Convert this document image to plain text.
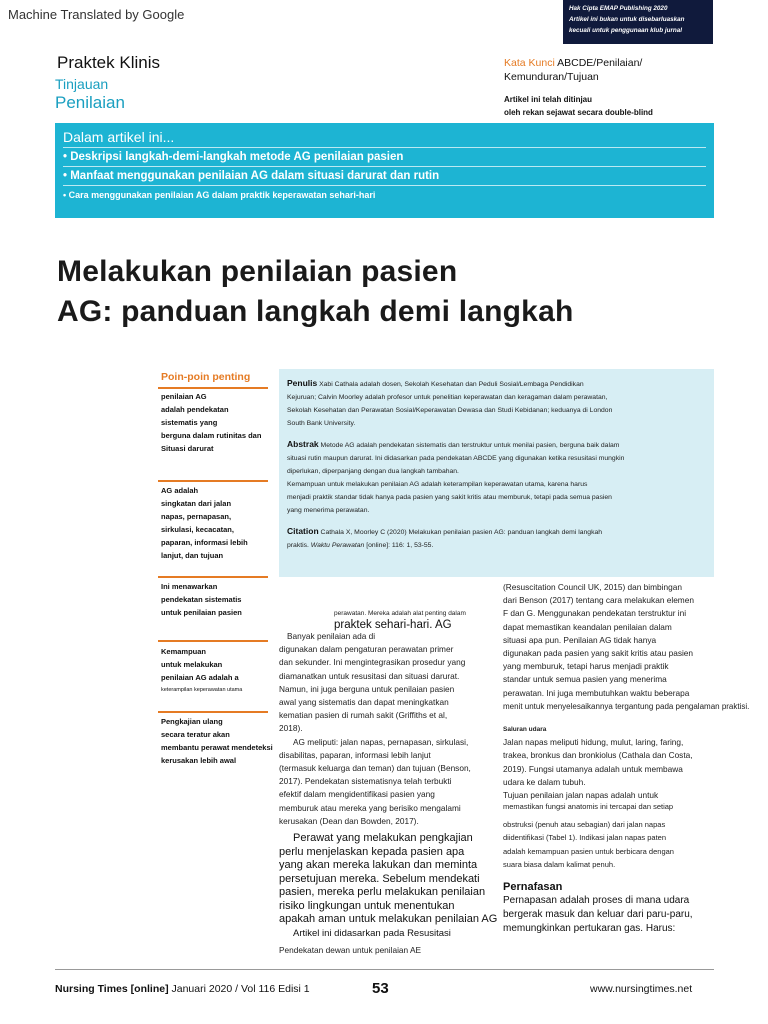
Machine Translated by Google	Hak Cipta EMAP Publishing 2020
Artikel ini bukan untuk disebarluaskan
kecuali untuk penggunaan klub jurnal
Praktek Klinis
Tinjauan
Penilaian
Kata Kunci ABCDE/Penilaian/
Kemunduran/Tujuan
Artikel ini telah ditinjau
oleh rekan sejawat secara double-blind
Dalam artikel ini...
• Deskripsi langkah-demi-langkah metode AG penilaian pasien
• Manfaat menggunakan penilaian AG dalam situasi darurat dan rutin
• Cara menggunakan penilaian AG dalam praktik keperawatan sehari-hari
Melakukan penilaian pasien
AG: panduan langkah demi langkah
Poin-poin penting
penilaian AG
adalah pendekatan
sistematis yang
berguna dalam rutinitas dan
Situasi darurat
AG adalah
singkatan dari jalan
napas, pernapasan,
sirkulasi, kecacatan,
paparan, informasi lebih
lanjut, dan tujuan
Ini menawarkan
pendekatan sistematis
untuk penilaian pasien
Kemampuan
untuk melakukan
penilaian AG adalah a
keterampilan keperawatan utama
Pengkajian ulang
secara teratur akan
membantu perawat mendeteksi
kerusakan lebih awal
Penulis Xabi Cathala adalah dosen, Sekolah Kesehatan dan Peduli Sosial/Lembaga Pendidikan
Kejuruan; Calvin Moorley adalah profesor untuk penelitian keperawatan dan keragaman dalam perawatan,
Sekolah Kesehatan dan Perawatan Sosial/Keperawatan Dewasa dan Studi Kebidanan; keduanya di London
South Bank University.
Abstrak Metode AG adalah pendekatan sistematis dan terstruktur untuk menilai pasien, berguna baik dalam
situasi rutin maupun darurat. Ini didasarkan pada pendekatan ABCDE yang digunakan ketika resusitasi mungkin
diperlukan, diperpanjang dengan dua langkah tambahan.
Kemampuan untuk melakukan penilaian AG adalah keterampilan keperawatan utama, karena harus
menjadi praktik standar tidak hanya pada pasien yang sakit kritis atau memburuk, tetapi pada semua pasien
yang menerima perawatan.
Citation Cathala X, Moorley C (2020) Melakukan penilaian pasien AG: panduan langkah demi langkah
praktis. Waktu Perawatan [online]: 116: 1, 53-55.
perawatan. Mereka adalah alat penting dalam
praktek sehari-hari. AG
Banyak penilaian ada di
digunakan dalam pengaturan perawatan primer
dan sekunder. Ini mengintegrasikan prosedur yang
diamanatkan untuk resusitasi dan situasi darurat.
Namun, ini juga berguna untuk penilaian pasien
awal yang sistematis dan dapat meningkatkan
kematian pasien di rumah sakit (Griffiths et al,
2018).
AG meliputi: jalan napas, pernapasan, sirkulasi,
disabilitas, paparan, informasi lebih lanjut
(termasuk keluarga dan teman) dan tujuan (Benson,
2017). Pendekatan sistematisnya telah terbukti
efektif dalam mengidentifikasi pasien yang
memburuk atau mereka yang berisiko mengalami
kerusakan (Dean dan Bowden, 2017).
Perawat yang melakukan pengkajian
perlu menjelaskan kepada pasien apa
yang akan mereka lakukan dan meminta
persetujuan mereka. Sebelum mendekati
pasien, mereka perlu melakukan penilaian
risiko lingkungan untuk menentukan
apakah aman untuk melakukan penilaian AG
Artikel ini didasarkan pada Resusitasi
Pendekatan dewan untuk penilaian AE
(Resuscitation Council UK, 2015) dan bimbingan
dari Benson (2017) tentang cara melakukan elemen
F dan G. Menggunakan pendekatan terstruktur ini
dapat memastikan keandalan penilaian dalam
situasi apa pun. Penilaian AG tidak hanya
digunakan pada pasien yang sakit kritis atau pasien
yang memburuk, tetapi harus menjadi praktik
standar untuk semua pasien yang menerima
perawatan. Ini juga membutuhkan waktu beberapa
menit untuk menyelesaikannya tergantung pada pengalaman praktisi.
Saluran udara
Jalan napas meliputi hidung, mulut, laring, faring,
trakea, bronkus dan bronkiolus (Cathala dan Costa,
2019). Fungsi utamanya adalah untuk membawa
udara ke dalam tubuh.
Tujuan penilaian jalan napas adalah untuk
memastikan fungsi anatomis ini tercapai dan setiap
obstruksi (penuh atau sebagian) dari jalan napas
diidentifikasi (Tabel 1). Indikasi jalan napas paten
adalah kemampuan pasien untuk berbicara dengan
suara biasa dalam kalimat penuh.
Pernafasan
Pernapasan adalah proses di mana udara
bergerak masuk dan keluar dari paru-paru,
memungkinkan pertukaran gas. Harus:
Nursing Times [online] Januari 2020 / Vol 116 Edisi 1	53	www.nursingtimes.net
